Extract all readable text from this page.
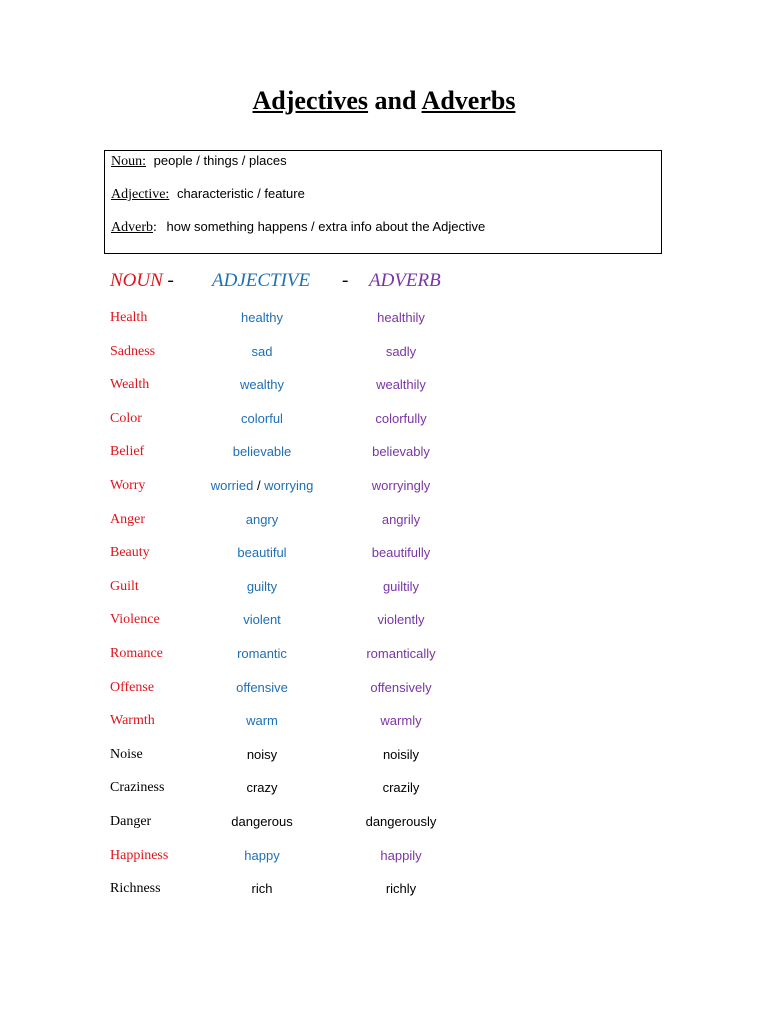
Adjectives and Adverbs
Noun: people / things / places
Adjective: characteristic / feature
Adverb: how something happens / extra info about the Adjective
NOUN - ADJECTIVE - ADVERB
Health	healthy	healthily
Sadness	sad	sadly
Wealth	wealthy	wealthily
Color	colorful	colorfully
Belief	believable	believably
Worry	worried / worrying	worryingly
Anger	angry	angrily
Beauty	beautiful	beautifully
Guilt	guilty	guiltily
Violence	violent	violently
Romance	romantic	romantically
Offense	offensive	offensively
Warmth	warm	warmly
Noise	noisy	noisily
Craziness	crazy	crazily
Danger	dangerous	dangerously
Happiness	happy	happily
Richness	rich	richly
